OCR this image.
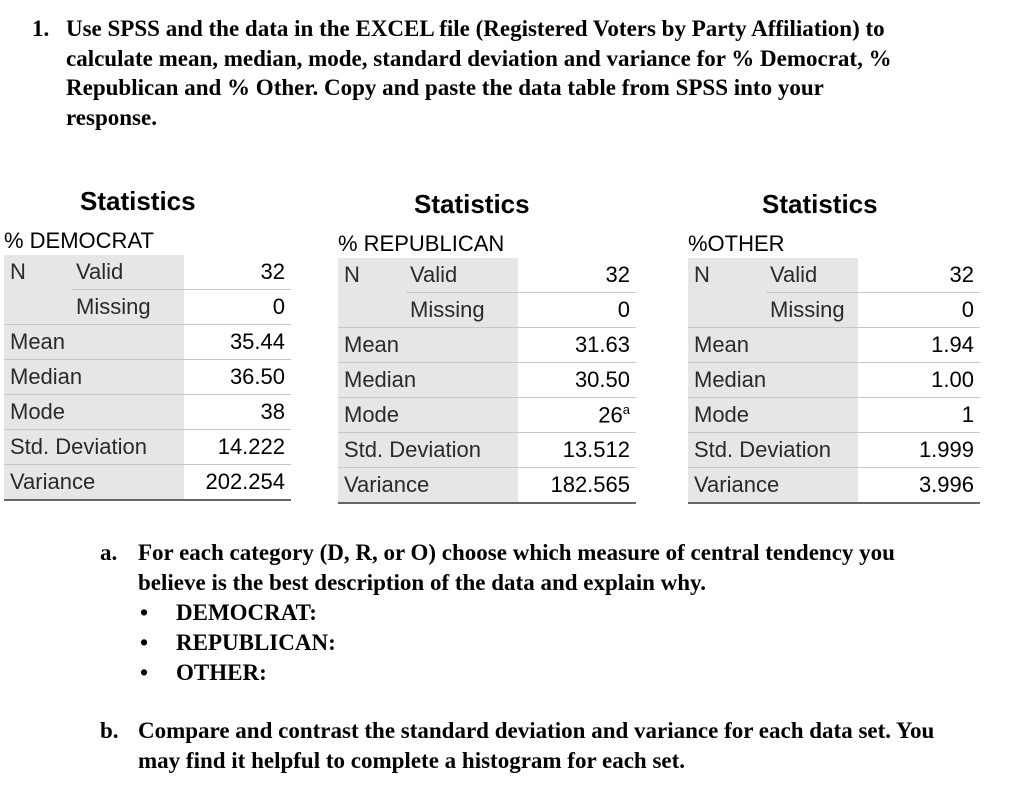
1. Use SPSS and the data in the EXCEL file (Registered Voters by Party Affiliation) to calculate mean, median, mode, standard deviation and variance for % Democrat, % Republican and % Other. Copy and paste the data table from SPSS into your response.
Statistics
% DEMOCRAT
N	Valid	32
	Missing	0
Mean		35.44
Median		36.50
Mode		38
Std. Deviation		14.222
Variance		202.254
Statistics
% REPUBLICAN
N	Valid	32
	Missing	0
Mean		31.63
Median		30.50
Mode		26$^a$
Std. Deviation		13.512
Variance		182.565
Statistics
%OTHER
N	Valid	32
	Missing	0
Mean		1.94
Median		1.00
Mode		1
Std. Deviation		1.999
Variance		3.996
a. For each category (D, R, or O) choose which measure of central tendency you believe is the best description of the data and explain why.
• DEMOCRAT:
• REPUBLICAN:
• OTHER:
b. Compare and contrast the standard deviation and variance for each data set. You may find it helpful to complete a histogram for each set.
